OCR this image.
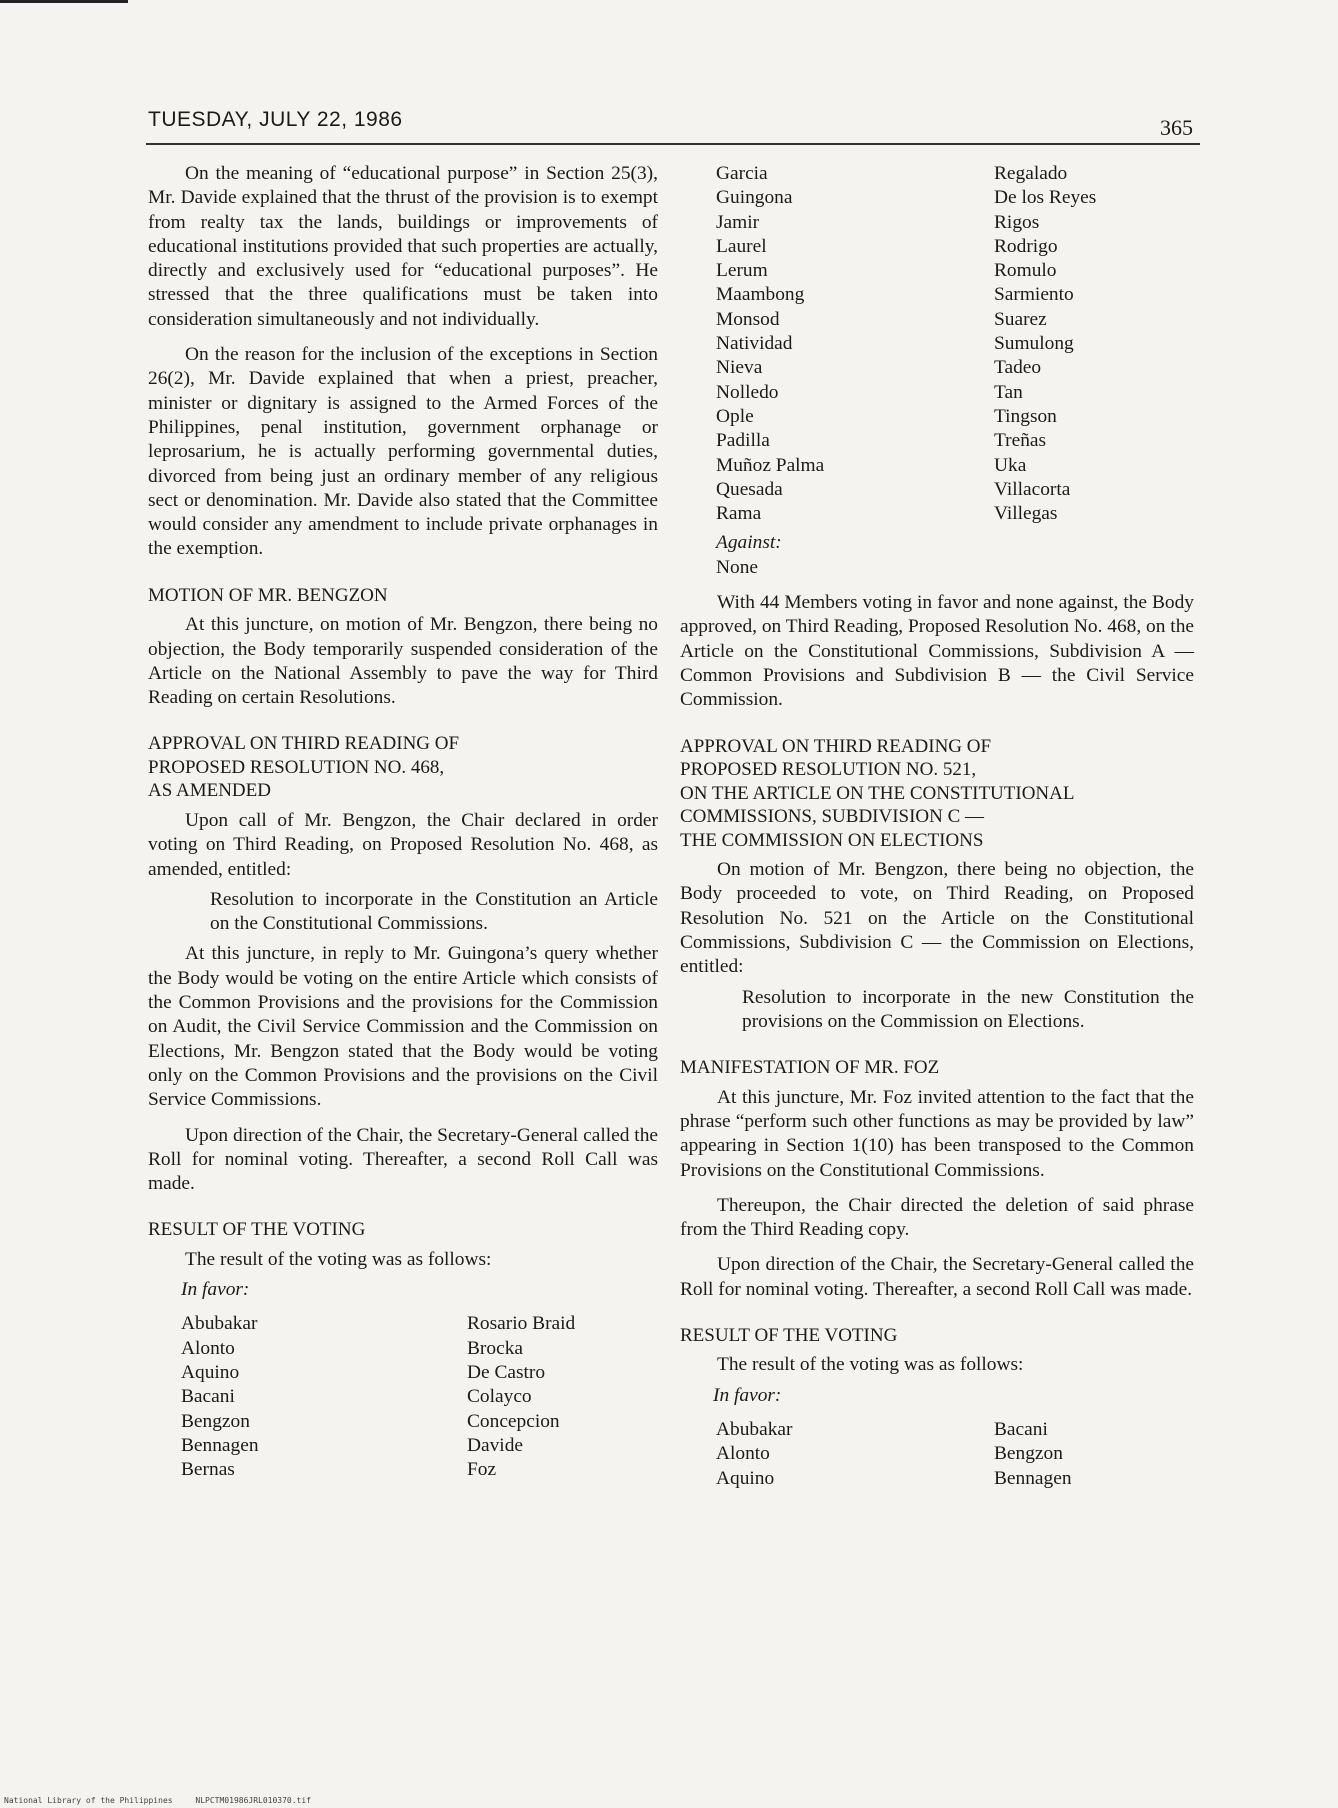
TUESDAY, JULY 22, 1986	365

On the meaning of “educational purpose” in Section 25(3), Mr. Davide explained that the thrust of the provision is to exempt from realty tax the lands, buildings or improvements of educational institutions provided that such properties are actually, directly and exclusively used for “educational purposes”. He stressed that the three qualifications must be taken into consideration simultaneously and not individually.

On the reason for the inclusion of the exceptions in Section 26(2), Mr. Davide explained that when a priest, preacher, minister or dignitary is assigned to the Armed Forces of the Philippines, penal institution, government orphanage or leprosarium, he is actually performing governmental duties, divorced from being just an ordinary member of any religious sect or denomination. Mr. Davide also stated that the Committee would consider any amendment to include private orphanages in the exemption.

MOTION OF MR. BENGZON

At this juncture, on motion of Mr. Bengzon, there being no objection, the Body temporarily suspended consideration of the Article on the National Assembly to pave the way for Third Reading on certain Resolutions.

APPROVAL ON THIRD READING OF
PROPOSED RESOLUTION NO. 468,
AS AMENDED

Upon call of Mr. Bengzon, the Chair declared in order voting on Third Reading, on Proposed Resolution No. 468, as amended, entitled:

Resolution to incorporate in the Constitution an Article on the Constitutional Commissions.

At this juncture, in reply to Mr. Guingona’s query whether the Body would be voting on the entire Article which consists of the Common Provisions and the provisions for the Commission on Audit, the Civil Service Commission and the Commission on Elections, Mr. Bengzon stated that the Body would be voting only on the Common Provisions and the provisions on the Civil Service Commissions.

Upon direction of the Chair, the Secretary-General called the Roll for nominal voting. Thereafter, a second Roll Call was made.

RESULT OF THE VOTING

The result of the voting was as follows:

In favor:
Abubakar
Alonto
Aquino
Bacani
Bengzon
Bennagen
Bernas
Rosario Braid
Brocka
De Castro
Colayco
Concepcion
Davide
Foz
Garcia
Guingona
Jamir
Laurel
Lerum
Maambong
Monsod
Natividad
Nieva
Nolledo
Ople
Padilla
Muñoz Palma
Quesada
Rama
Regalado
De los Reyes
Rigos
Rodrigo
Romulo
Sarmiento
Suarez
Sumulong
Tadeo
Tan
Tingson
Treñas
Uka
Villacorta
Villegas
Against:
None

With 44 Members voting in favor and none against, the Body approved, on Third Reading, Proposed Resolution No. 468, on the Article on the Constitutional Commissions, Subdivision A — Common Provisions and Subdivision B — the Civil Service Commission.

APPROVAL ON THIRD READING OF
PROPOSED RESOLUTION NO. 521,
ON THE ARTICLE ON THE CONSTITUTIONAL
COMMISSIONS, SUBDIVISION C —
THE COMMISSION ON ELECTIONS

On motion of Mr. Bengzon, there being no objection, the Body proceeded to vote, on Third Reading, on Proposed Resolution No. 521 on the Article on the Constitutional Commissions, Subdivision C — the Commission on Elections, entitled:

Resolution to incorporate in the new Constitution the provisions on the Commission on Elections.

MANIFESTATION OF MR. FOZ

At this juncture, Mr. Foz invited attention to the fact that the phrase “perform such other functions as may be provided by law” appearing in Section 1(10) has been transposed to the Common Provisions on the Constitutional Commissions.

Thereupon, the Chair directed the deletion of said phrase from the Third Reading copy.

Upon direction of the Chair, the Secretary-General called the Roll for nominal voting. Thereafter, a second Roll Call was made.

RESULT OF THE VOTING

The result of the voting was as follows:

In favor:
Abubakar
Alonto
Aquino
Bacani
Bengzon
Bennagen
National Library of the Philippines	NLPCTM01986JRL010370.tif
